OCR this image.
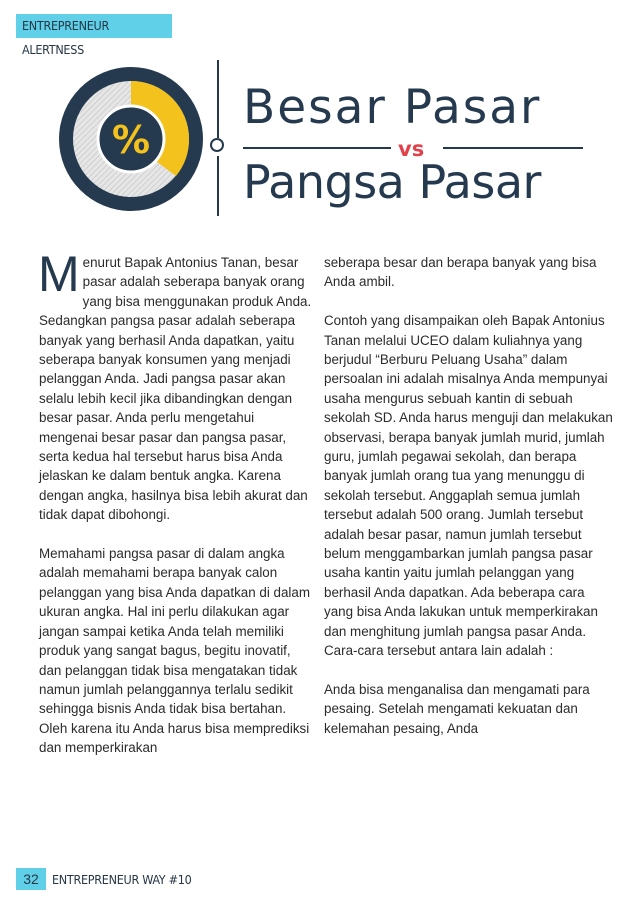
ENTREPRENEUR ALERTNESS
%
Besar Pasar
vs
Pangsa Pasar

Menurut Bapak Antonius Tanan, besar pasar adalah seberapa banyak orang yang bisa menggunakan produk Anda. Sedangkan pangsa pasar adalah seberapa banyak yang berhasil Anda dapatkan, yaitu seberapa banyak konsumen yang menjadi pelanggan Anda. Jadi pangsa pasar akan selalu lebih kecil jika dibandingkan dengan besar pasar. Anda perlu mengetahui mengenai besar pasar dan pangsa pasar, serta kedua hal tersebut harus bisa Anda jelaskan ke dalam bentuk angka. Karena dengan angka, hasilnya bisa lebih akurat dan tidak dapat dibohongi.

Memahami pangsa pasar di dalam angka adalah memahami berapa banyak calon pelanggan yang bisa Anda dapatkan di dalam ukuran angka. Hal ini perlu dilakukan agar jangan sampai ketika Anda telah memiliki produk yang sangat bagus, begitu inovatif, dan pelanggan tidak bisa mengatakan tidak namun jumlah pelanggannya terlalu sedikit sehingga bisnis Anda tidak bisa bertahan. Oleh karena itu Anda harus bisa memprediksi dan memperkirakan

seberapa besar dan berapa banyak yang bisa Anda ambil.

Contoh yang disampaikan oleh Bapak Antonius Tanan melalui UCEO dalam kuliahnya yang berjudul “Berburu Peluang Usaha” dalam persoalan ini adalah misalnya Anda mempunyai usaha mengurus sebuah kantin di sebuah sekolah SD. Anda harus menguji dan melakukan observasi, berapa banyak jumlah murid, jumlah guru, jumlah pegawai sekolah, dan berapa banyak jumlah orang tua yang menunggu di sekolah tersebut. Anggaplah semua jumlah tersebut adalah 500 orang. Jumlah tersebut adalah besar pasar, namun jumlah tersebut belum menggambarkan jumlah pangsa pasar usaha kantin yaitu jumlah pelanggan yang berhasil Anda dapatkan. Ada beberapa cara yang bisa Anda lakukan untuk memperkirakan dan menghitung jumlah pangsa pasar Anda. Cara-cara tersebut antara lain adalah :

Anda bisa menganalisa dan mengamati para pesaing. Setelah mengamati kekuatan dan kelemahan pesaing, Anda

32	ENTREPRENEUR WAY #10
